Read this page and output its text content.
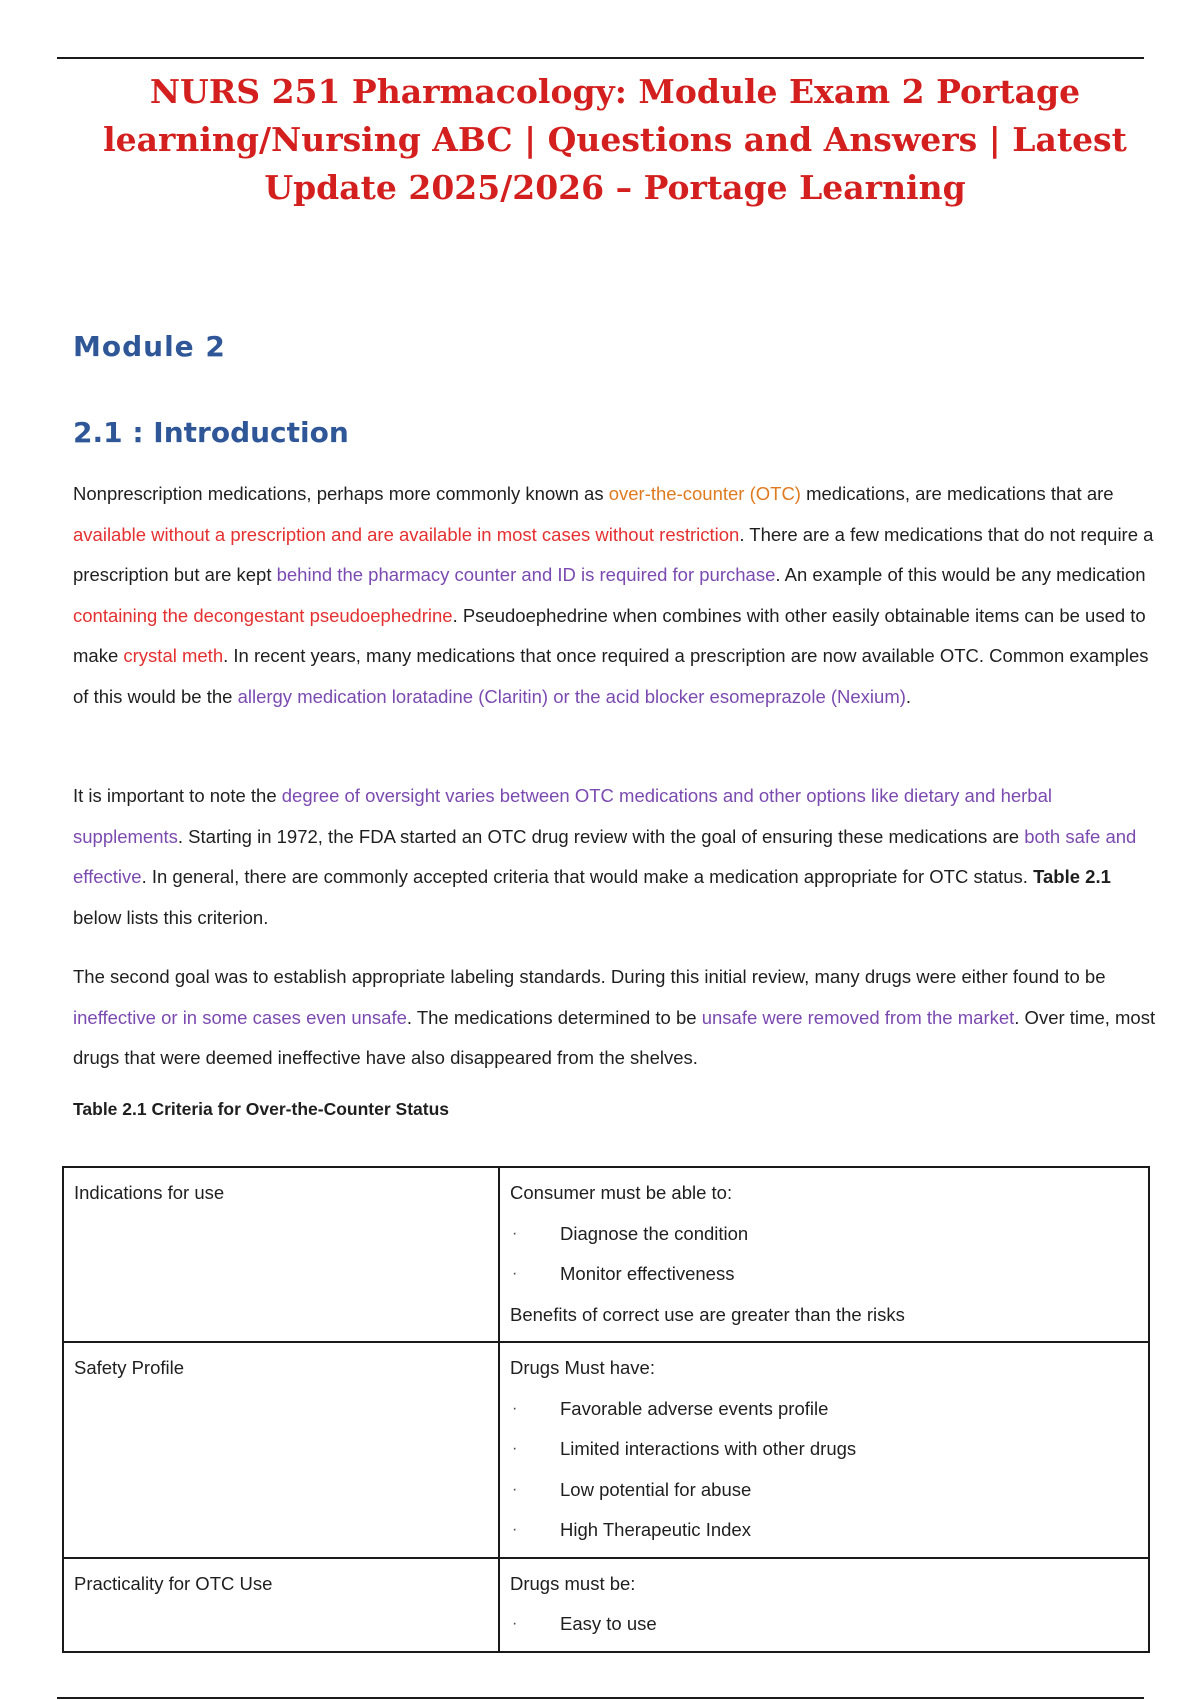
NURS 251 Pharmacology: Module Exam 2 Portage learning/Nursing ABC | Questions and Answers | Latest Update 2025/2026 – Portage Learning
Module 2
2.1 : Introduction

Nonprescription medications, perhaps more commonly known as over-the-counter (OTC) medications, are medications that are available without a prescription and are available in most cases without restriction. There are a few medications that do not require a prescription but are kept behind the pharmacy counter and ID is required for purchase. An example of this would be any medication containing the decongestant pseudoephedrine. Pseudoephedrine when combines with other easily obtainable items can be used to make crystal meth. In recent years, many medications that once required a prescription are now available OTC. Common examples of this would be the allergy medication loratadine (Claritin) or the acid blocker esomeprazole (Nexium).

It is important to note the degree of oversight varies between OTC medications and other options like dietary and herbal supplements. Starting in 1972, the FDA started an OTC drug review with the goal of ensuring these medications are both safe and effective. In general, there are commonly accepted criteria that would make a medication appropriate for OTC status. Table 2.1 below lists this criterion.

The second goal was to establish appropriate labeling standards. During this initial review, many drugs were either found to be ineffective or in some cases even unsafe. The medications determined to be unsafe were removed from the market. Over time, most drugs that were deemed ineffective have also disappeared from the shelves.

Table 2.1 Criteria for Over-the-Counter Status

Indications for use	Consumer must be able to:
· Diagnose the condition
· Monitor effectiveness
Benefits of correct use are greater than the risks

Safety Profile	Drugs Must have:
· Favorable adverse events profile
· Limited interactions with other drugs
· Low potential for abuse
· High Therapeutic Index

Practicality for OTC Use	Drugs must be:
· Easy to use
